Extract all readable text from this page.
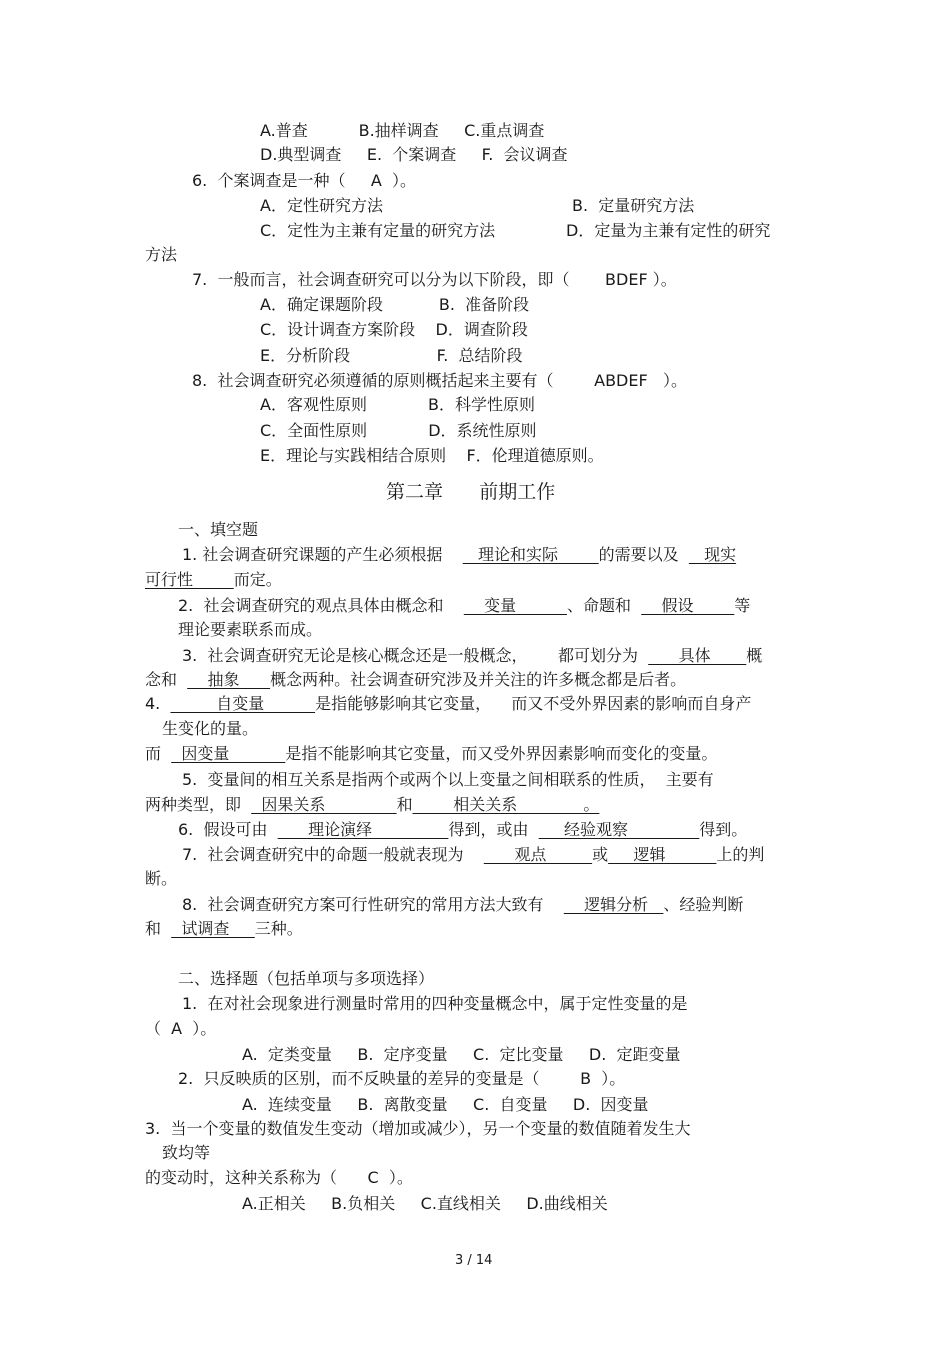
A.普查          B.抽样调查     C.重点调查
D.典型调查     E.  个案调查     F.  会议调查
6.  个案调查是一种（     A  ）。
A．定性研究方法	B.  定量研究方法
C．定性为主兼有定量的研究方法	D．定量为主兼有定性的研究
方法
7.  一般而言，社会调查研究可以分为以下阶段，即（       BDEF ）。
A．确定课题阶段           B.  准备阶段
C．设计调查方案阶段    D．调查阶段
E．分析阶段                 F.  总结阶段
8.  社会调查研究必须遵循的原则概括起来主要有（        ABDEF   ）。
A．客观性原则            B．科学性原则
C．全面性原则            D．系统性原则
E．理论与实践相结合原则    F．伦理道德原则。
第二章      前期工作
一、填空题
1. 社会调查研究课题的产生必须根据       理论和实际        的需要以及     现实
可行性        而定。
2.  社会调查研究的观点具体由概念和        变量          、命题和      假设        等
理论要素联系而成。
3.  社会调查研究无论是核心概念还是一般概念，      都可划分为        具体       概
念和      抽象      概念两种。社会调查研究涉及并关注的许多概念都是后者。
4.           自变量          是指能够影响其它变量，    而又不受外界因素的影响而自身产
生变化的量。
而    因变量           是指不能影响其它变量，而又受外界因素影响而变化的变量。
5.  变量间的相互关系是指两个或两个以上变量之间相联系的性质，  主要有
两种类型，即    因果关系              和        相关关系             。
6.  假设可由        理论演绎               得到，或由       经验观察              得到。
7.  社会调查研究中的命题一般就表现为          观点         或     逻辑          上的判
断。
8.  社会调查研究方案可行性研究的常用方法大致有        逻辑分析   、经验判断
和    试调查     三种。
二、选择题（包括单项与多项选择）
1.  在对社会现象进行测量时常用的四种变量概念中，属于定性变量的是
（  A  ）。
A.  定类变量     B.  定序变量     C.  定比变量     D.  定距变量
2.  只反映质的区别，而不反映量的差异的变量是（        B  ）。
A.  连续变量     B.  离散变量     C.  自变量     D.  因变量
3.  当一个变量的数值发生变动（增加或减少），另一个变量的数值随着发生大
致均等
的变动时，这种关系称为（      C  ）。
A.正相关     B.负相关     C.直线相关     D.曲线相关
3 / 14
